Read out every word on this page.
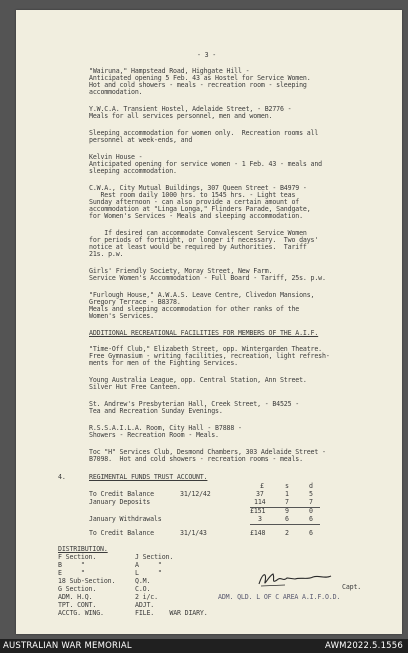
- 3 -
"Wairuna," Hampstead Road, Highgate Hill -
Anticipated opening 5 Feb. 43 as Hostel for Service Women.
Hot and cold showers - meals - recreation room - sleeping
accommodation.
Y.W.C.A. Transient Hostel, Adelaide Street, - B2776 -
Meals for all services personnel, men and women.
Sleeping accommodation for women only.  Recreation rooms all
personnel at week-ends, and
Kelvin House -
Anticipated opening for service women - 1 Feb. 43 - meals and
sleeping accommodation.
C.W.A., City Mutual Buildings, 307 Queen Street - B4979 -
Rest room daily 1000 hrs. to 1545 hrs. - Light teas
Sunday afternoon - can also provide a certain amount of
accommodation at "Linga Longa," Flinders Parade, Sandgate,
for Women's Services - Meals and sleeping accommodation.
If desired can accommodate Convalescent Service Women
for periods of fortnight, or longer if necessary.  Two days'
notice at least would be required by Authorities.  Tariff
21s. p.w.
Girls' Friendly Society, Moray Street, New Farm.
Service Women's Accommodation - Full Board - Tariff, 25s. p.w.
"Furlough House," A.W.A.S. Leave Centre, Clivedon Mansions,
Gregory Terrace - B8378.
Meals and sleeping accommodation for other ranks of the
Women's Services.
ADDITIONAL RECREATIONAL FACILITIES FOR MEMBERS OF THE A.I.F.
"Time-Off Club," Elizabeth Street, opp. Wintergarden Theatre.
Free Gymnasium - writing facilities, recreation, light refresh-
ments for men of the Fighting Services.
Young Australia League, opp. Central Station, Ann Street.
Silver Hut Free Canteen.
St. Andrew's Presbyterian Hall, Creek Street, - B4525 -
Tea and Recreation Sunday Evenings.
R.S.S.A.I.L.A. Room, City Hall - B7888 -
Showers - Recreation Room - Meals.
Toc "H" Services Club, Desmond Chambers, 303 Adelaide Street -
B7098.  Hot and cold showers - recreation rooms - meals.
4.	REGIMENTAL FUNDS TRUST ACCOUNT.
£	s	d
To Credit Balance	31/12/42	37	1	5
January Deposits	114	7	7
£151	9	0
January Withdrawals	3	6	6
To Credit Balance	31/1/43	£148	2	6
DISTRIBUTION.
F Section.
B     "
E     "
18 Sub-Section.
G Section.
ADM. H.Q.
TPT. CONT.
ACCTG. WING.
J Section.
A     "
L     "
Q.M.
C.O.
2 i/c.
ADJT.
FILE.    WAR DIARY.
Capt.
ADM. QLD. L OF C AREA A.I.F.O.D.
AUSTRALIAN WAR MEMORIAL	AWM2022.5.1556
